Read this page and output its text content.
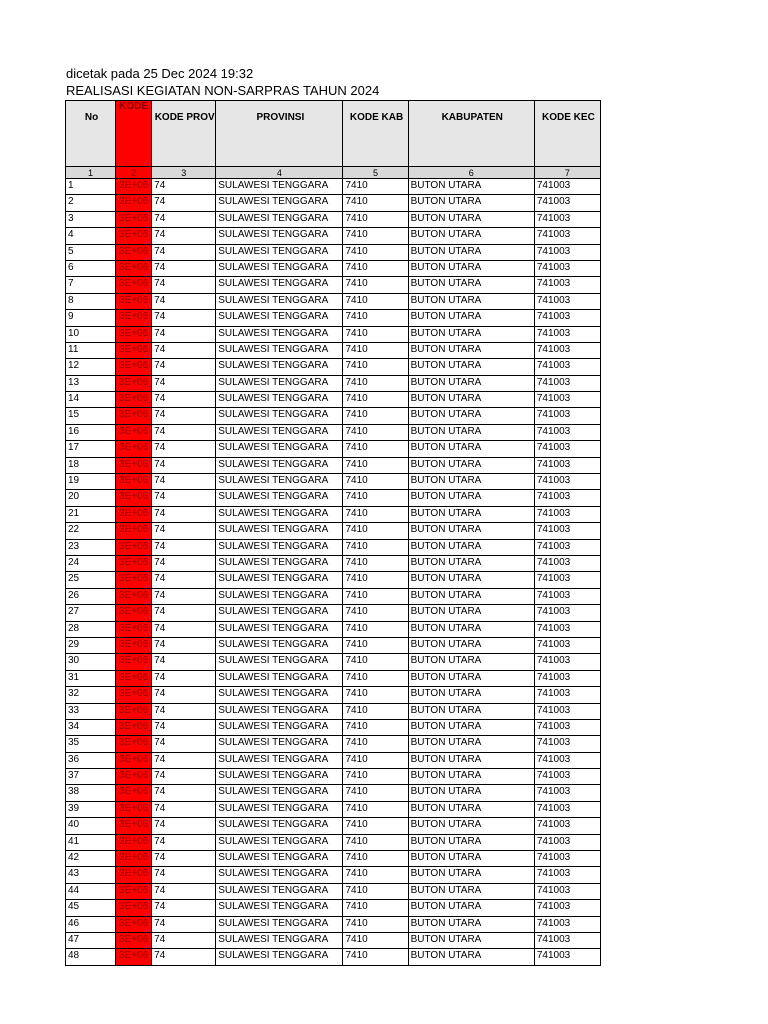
dicetak pada 25 Dec 2024 19:32
REALISASI KEGIATAN NON-SARPRAS TAHUN 2024
No	KODE	KODE PROV	PROVINSI	KODE KAB	KABUPATEN	KODE KEC
1	2	3	4	5	6	7
1	3E+06	74	SULAWESI TENGGARA	7410	BUTON UTARA	741003
2	3E+06	74	SULAWESI TENGGARA	7410	BUTON UTARA	741003
3	3E+06	74	SULAWESI TENGGARA	7410	BUTON UTARA	741003
4	3E+06	74	SULAWESI TENGGARA	7410	BUTON UTARA	741003
5	3E+06	74	SULAWESI TENGGARA	7410	BUTON UTARA	741003
6	3E+06	74	SULAWESI TENGGARA	7410	BUTON UTARA	741003
7	3E+06	74	SULAWESI TENGGARA	7410	BUTON UTARA	741003
8	3E+06	74	SULAWESI TENGGARA	7410	BUTON UTARA	741003
9	3E+06	74	SULAWESI TENGGARA	7410	BUTON UTARA	741003
10	3E+06	74	SULAWESI TENGGARA	7410	BUTON UTARA	741003
11	3E+06	74	SULAWESI TENGGARA	7410	BUTON UTARA	741003
12	3E+06	74	SULAWESI TENGGARA	7410	BUTON UTARA	741003
13	3E+06	74	SULAWESI TENGGARA	7410	BUTON UTARA	741003
14	3E+06	74	SULAWESI TENGGARA	7410	BUTON UTARA	741003
15	3E+06	74	SULAWESI TENGGARA	7410	BUTON UTARA	741003
16	3E+06	74	SULAWESI TENGGARA	7410	BUTON UTARA	741003
17	3E+06	74	SULAWESI TENGGARA	7410	BUTON UTARA	741003
18	3E+06	74	SULAWESI TENGGARA	7410	BUTON UTARA	741003
19	3E+06	74	SULAWESI TENGGARA	7410	BUTON UTARA	741003
20	3E+06	74	SULAWESI TENGGARA	7410	BUTON UTARA	741003
21	3E+06	74	SULAWESI TENGGARA	7410	BUTON UTARA	741003
22	3E+06	74	SULAWESI TENGGARA	7410	BUTON UTARA	741003
23	3E+06	74	SULAWESI TENGGARA	7410	BUTON UTARA	741003
24	3E+06	74	SULAWESI TENGGARA	7410	BUTON UTARA	741003
25	3E+06	74	SULAWESI TENGGARA	7410	BUTON UTARA	741003
26	3E+06	74	SULAWESI TENGGARA	7410	BUTON UTARA	741003
27	3E+06	74	SULAWESI TENGGARA	7410	BUTON UTARA	741003
28	3E+06	74	SULAWESI TENGGARA	7410	BUTON UTARA	741003
29	3E+06	74	SULAWESI TENGGARA	7410	BUTON UTARA	741003
30	3E+06	74	SULAWESI TENGGARA	7410	BUTON UTARA	741003
31	3E+06	74	SULAWESI TENGGARA	7410	BUTON UTARA	741003
32	3E+06	74	SULAWESI TENGGARA	7410	BUTON UTARA	741003
33	3E+06	74	SULAWESI TENGGARA	7410	BUTON UTARA	741003
34	3E+06	74	SULAWESI TENGGARA	7410	BUTON UTARA	741003
35	3E+06	74	SULAWESI TENGGARA	7410	BUTON UTARA	741003
36	3E+06	74	SULAWESI TENGGARA	7410	BUTON UTARA	741003
37	3E+06	74	SULAWESI TENGGARA	7410	BUTON UTARA	741003
38	3E+06	74	SULAWESI TENGGARA	7410	BUTON UTARA	741003
39	3E+06	74	SULAWESI TENGGARA	7410	BUTON UTARA	741003
40	3E+06	74	SULAWESI TENGGARA	7410	BUTON UTARA	741003
41	3E+06	74	SULAWESI TENGGARA	7410	BUTON UTARA	741003
42	3E+06	74	SULAWESI TENGGARA	7410	BUTON UTARA	741003
43	3E+06	74	SULAWESI TENGGARA	7410	BUTON UTARA	741003
44	3E+06	74	SULAWESI TENGGARA	7410	BUTON UTARA	741003
45	3E+06	74	SULAWESI TENGGARA	7410	BUTON UTARA	741003
46	3E+06	74	SULAWESI TENGGARA	7410	BUTON UTARA	741003
47	3E+06	74	SULAWESI TENGGARA	7410	BUTON UTARA	741003
48	3E+06	74	SULAWESI TENGGARA	7410	BUTON UTARA	741003
